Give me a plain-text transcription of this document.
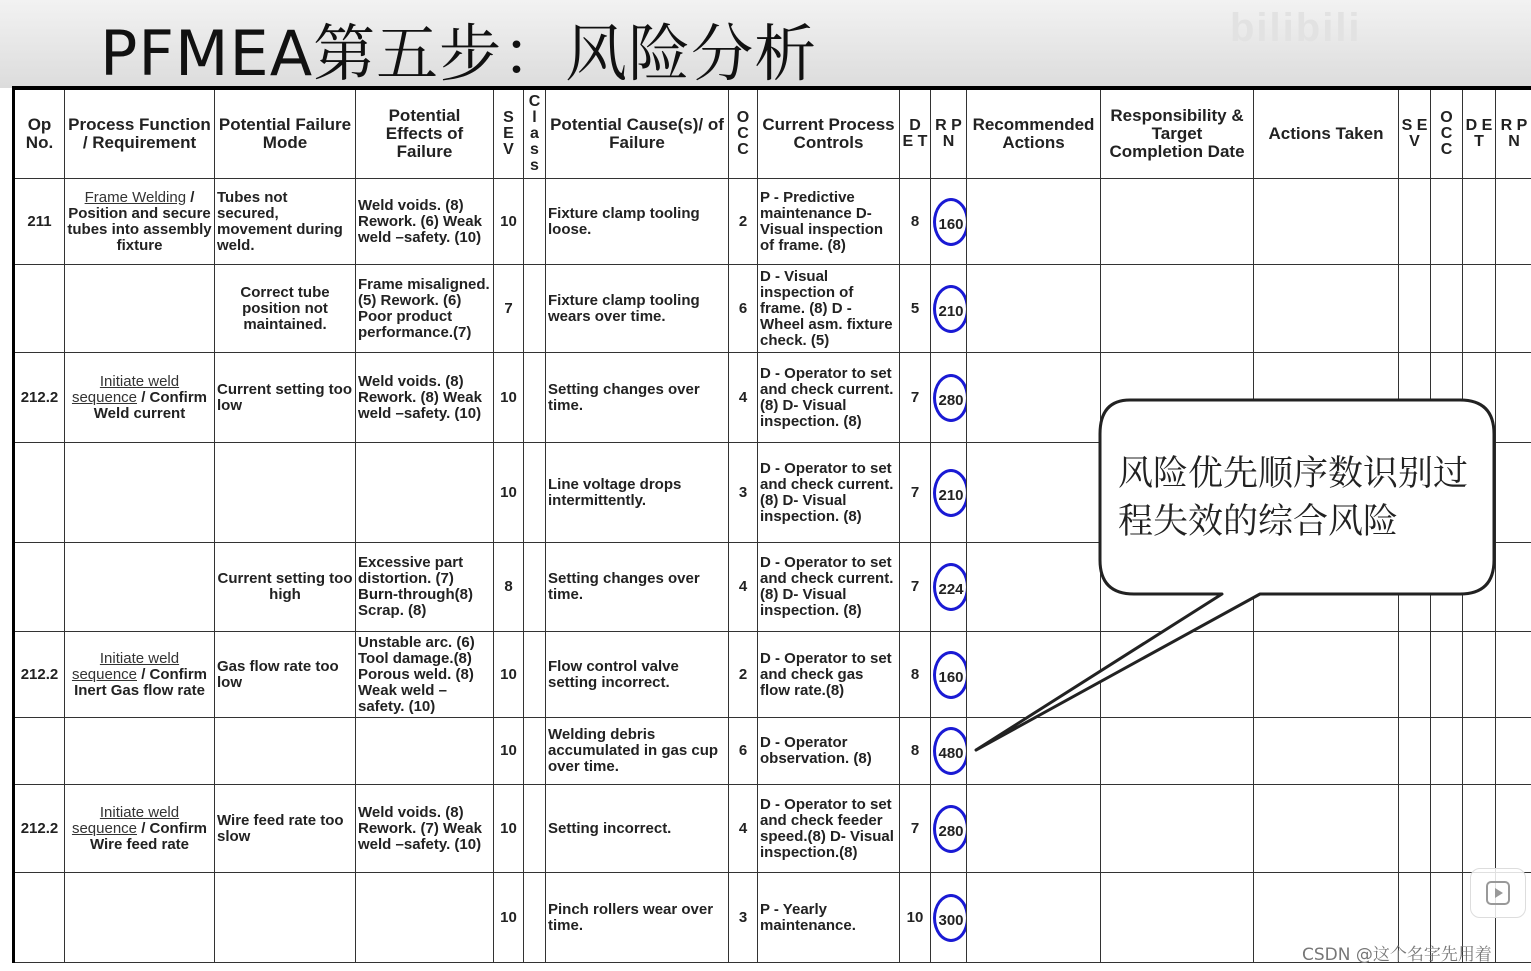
PFMEA第五步：风险分析	bilibili
Op No.	Process Function / Requirement	Potential Failure Mode	Potential Effects of Failure	S E V	C l a s s	Potential Cause(s)/ of Failure	O C C	Current Process Controls	D E T	R P N	Recommended Actions	Responsibility & Target Completion Date	Actions Taken	S E V	O C C	D E T	R P N
211	Frame Welding / Position and secure tubes into assembly fixture	Tubes not secured, movement during weld.	Weld voids. (8) Rework. (6) Weak weld –safety. (10)	10		Fixture clamp tooling loose.	2	P - Predictive maintenance D- Visual inspection of frame. (8)	8	160							
		Correct tube position not maintained.	Frame misaligned. (5) Rework. (6) Poor product performance.(7)	7		Fixture clamp tooling wears over time.	6	D - Visual inspection of frame. (8) D - Wheel asm. fixture check. (5)	5	210							
212.2	Initiate weld sequence / Confirm Weld current	Current setting too low	Weld voids. (8) Rework. (8) Weak weld –safety. (10)	10		Setting changes over time.	4	D - Operator to set and check current. (8) D- Visual inspection. (8)	7	280							
				10		Line voltage drops intermittently.	3	D - Operator to set and check current. (8) D- Visual inspection. (8)	7	210							
		Current setting too high	Excessive part distortion. (7) Burn-through(8) Scrap. (8)	8		Setting changes over time.	4	D - Operator to set and check current. (8) D- Visual inspection. (8)	7	224							
212.2	Initiate weld sequence / Confirm Inert Gas flow rate	Gas flow rate too low	Unstable arc. (6) Tool damage.(8) Porous weld. (8) Weak weld –safety. (10)	10		Flow control valve setting incorrect.	2	D - Operator to set and check gas flow rate.(8)	8	160							
				10		Welding debris accumulated in gas cup over time.	6	D - Operator observation. (8)	8	480							
212.2	Initiate weld sequence / Confirm Wire feed rate	Wire feed rate too slow	Weld voids. (8) Rework. (7) Weak weld –safety. (10)	10		Setting incorrect.	4	D - Operator to set and check feeder speed.(8) D- Visual inspection.(8)	7	280							
				10		Pinch rollers wear over time.	3	P - Yearly maintenance.	10	300							
风险优先顺序数识别过程失效的综合风险
CSDN @这个名字先用着
